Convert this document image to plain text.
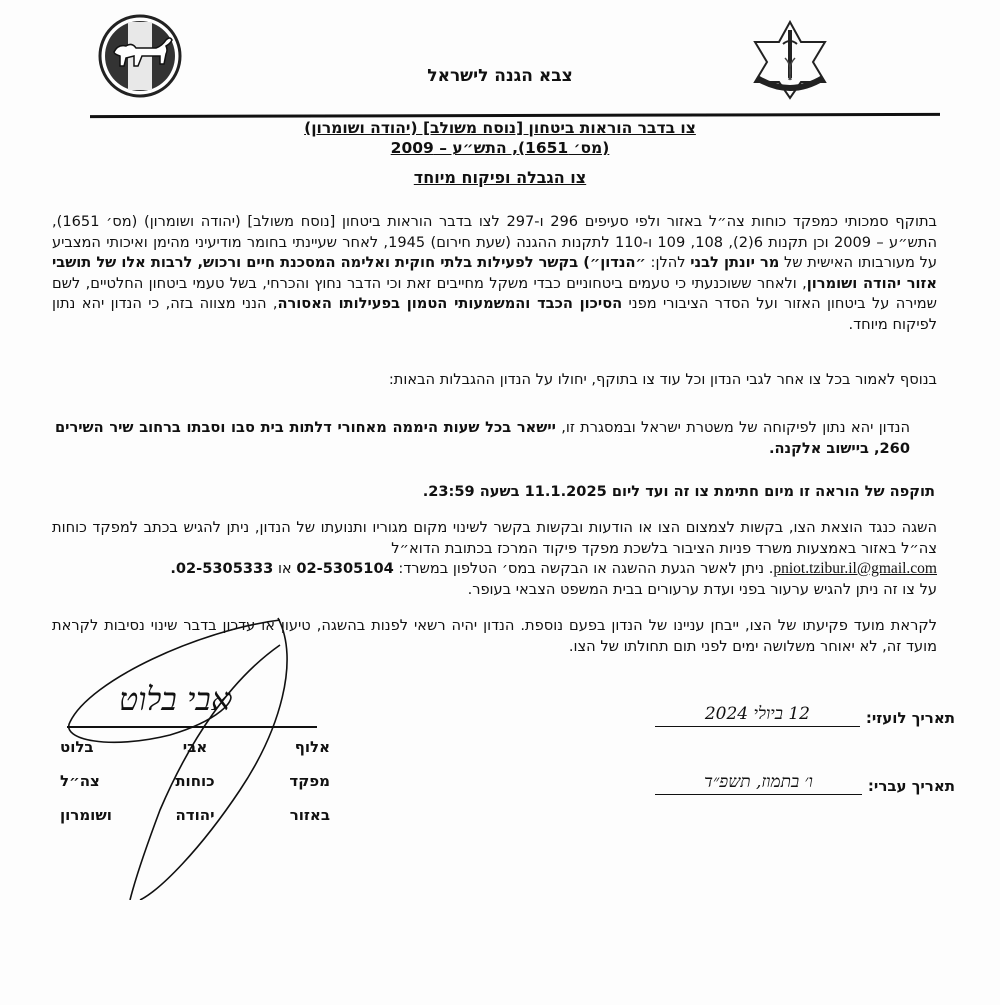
צבא הגנה לישראל
צו בדבר הוראות ביטחון [נוסח משולב] (יהודה ושומרון)
(מס׳ 1651), התש״ע – 2009
צו הגבלה ופיקוח מיוחד
בתוקף סמכותי כמפקד כוחות צה״ל באזור ולפי סעיפים 296 ו-297 לצו בדבר הוראות ביטחון [נוסח משולב] (יהודה ושומרון) (מס׳ 1651), התש״ע – 2009 וכן תקנות 6(2), 108, 109 ו-110 לתקנות ההגנה (שעת חירום) 1945, לאחר שעיינתי בחומר מודיעיני מהימן ואיכותי המצביע על מעורבותו האישית של מר יונתן לבני להלן: ״הנדון״) בקשר לפעילות בלתי חוקית ואלימה המסכנת חיים ורכוש, לרבות אלו של תושבי אזור יהודה ושומרון, ולאחר ששוכנעתי כי טעמים ביטחוניים כבדי משקל מחייבים זאת וכי הדבר נחוץ והכרחי, בשל טעמי ביטחון החלטיים, לשם שמירה על ביטחון האזור ועל הסדר הציבורי מפני הסיכון הכבד והמשמעותי הטמון בפעילותו האסורה, הנני מצווה בזה, כי הנדון יהא נתון לפיקוח מיוחד.
בנוסף לאמור בכל צו אחר לגבי הנדון וכל עוד צו בתוקף, יחולו על הנדון ההגבלות הבאות:
הנדון יהא נתון לפיקוחה של משטרת ישראל ובמסגרת זו, יישאר בכל שעות היממה מאחורי דלתות בית סבו וסבתו ברחוב שיר השירים 260, ביישוב אלקנה.
תוקפה של הוראה זו מיום חתימת צו זה ועד ליום 11.1.2025 בשעה 23:59.
השגה כנגד הוצאת הצו, בקשות לצמצום הצו או הודעות ובקשות בקשר לשינוי מקום מגוריו ותנועתו של הנדון, ניתן להגיש בכתב למפקד כוחות צה״ל באזור באמצעות משרד פניות הציבור בלשכת מפקד פיקוד המרכז בכתובת הדוא״ל
pniot.tzibur.il@gmail.com. ניתן לאשר הגעת ההשגה או הבקשה במס׳ הטלפון במשרד: 02-5305104 או 02-5305333.
על צו זה ניתן להגיש ערעור בפני ועדת ערעורים בבית המשפט הצבאי בעופר.
לקראת מועד פקיעתו של הצו, ייבחן עניינו של הנדון בפעם נוספת. הנדון יהיה רשאי לפנות בהשגה, טיעון או עדכון בדבר שינוי נסיבות לקראת מועד זה, לא יאוחר משלושה ימים לפני תום תחולתו של הצו.
אלוף
אבי
בלוט
מפקד
כוחות
צה״ל
באזור
יהודה
ושומרון
אבי בלוט	תאריך לועזי:
12 ביולי 2024
תאריך עברי:
ו׳ בתמוז, תשפ״ד
